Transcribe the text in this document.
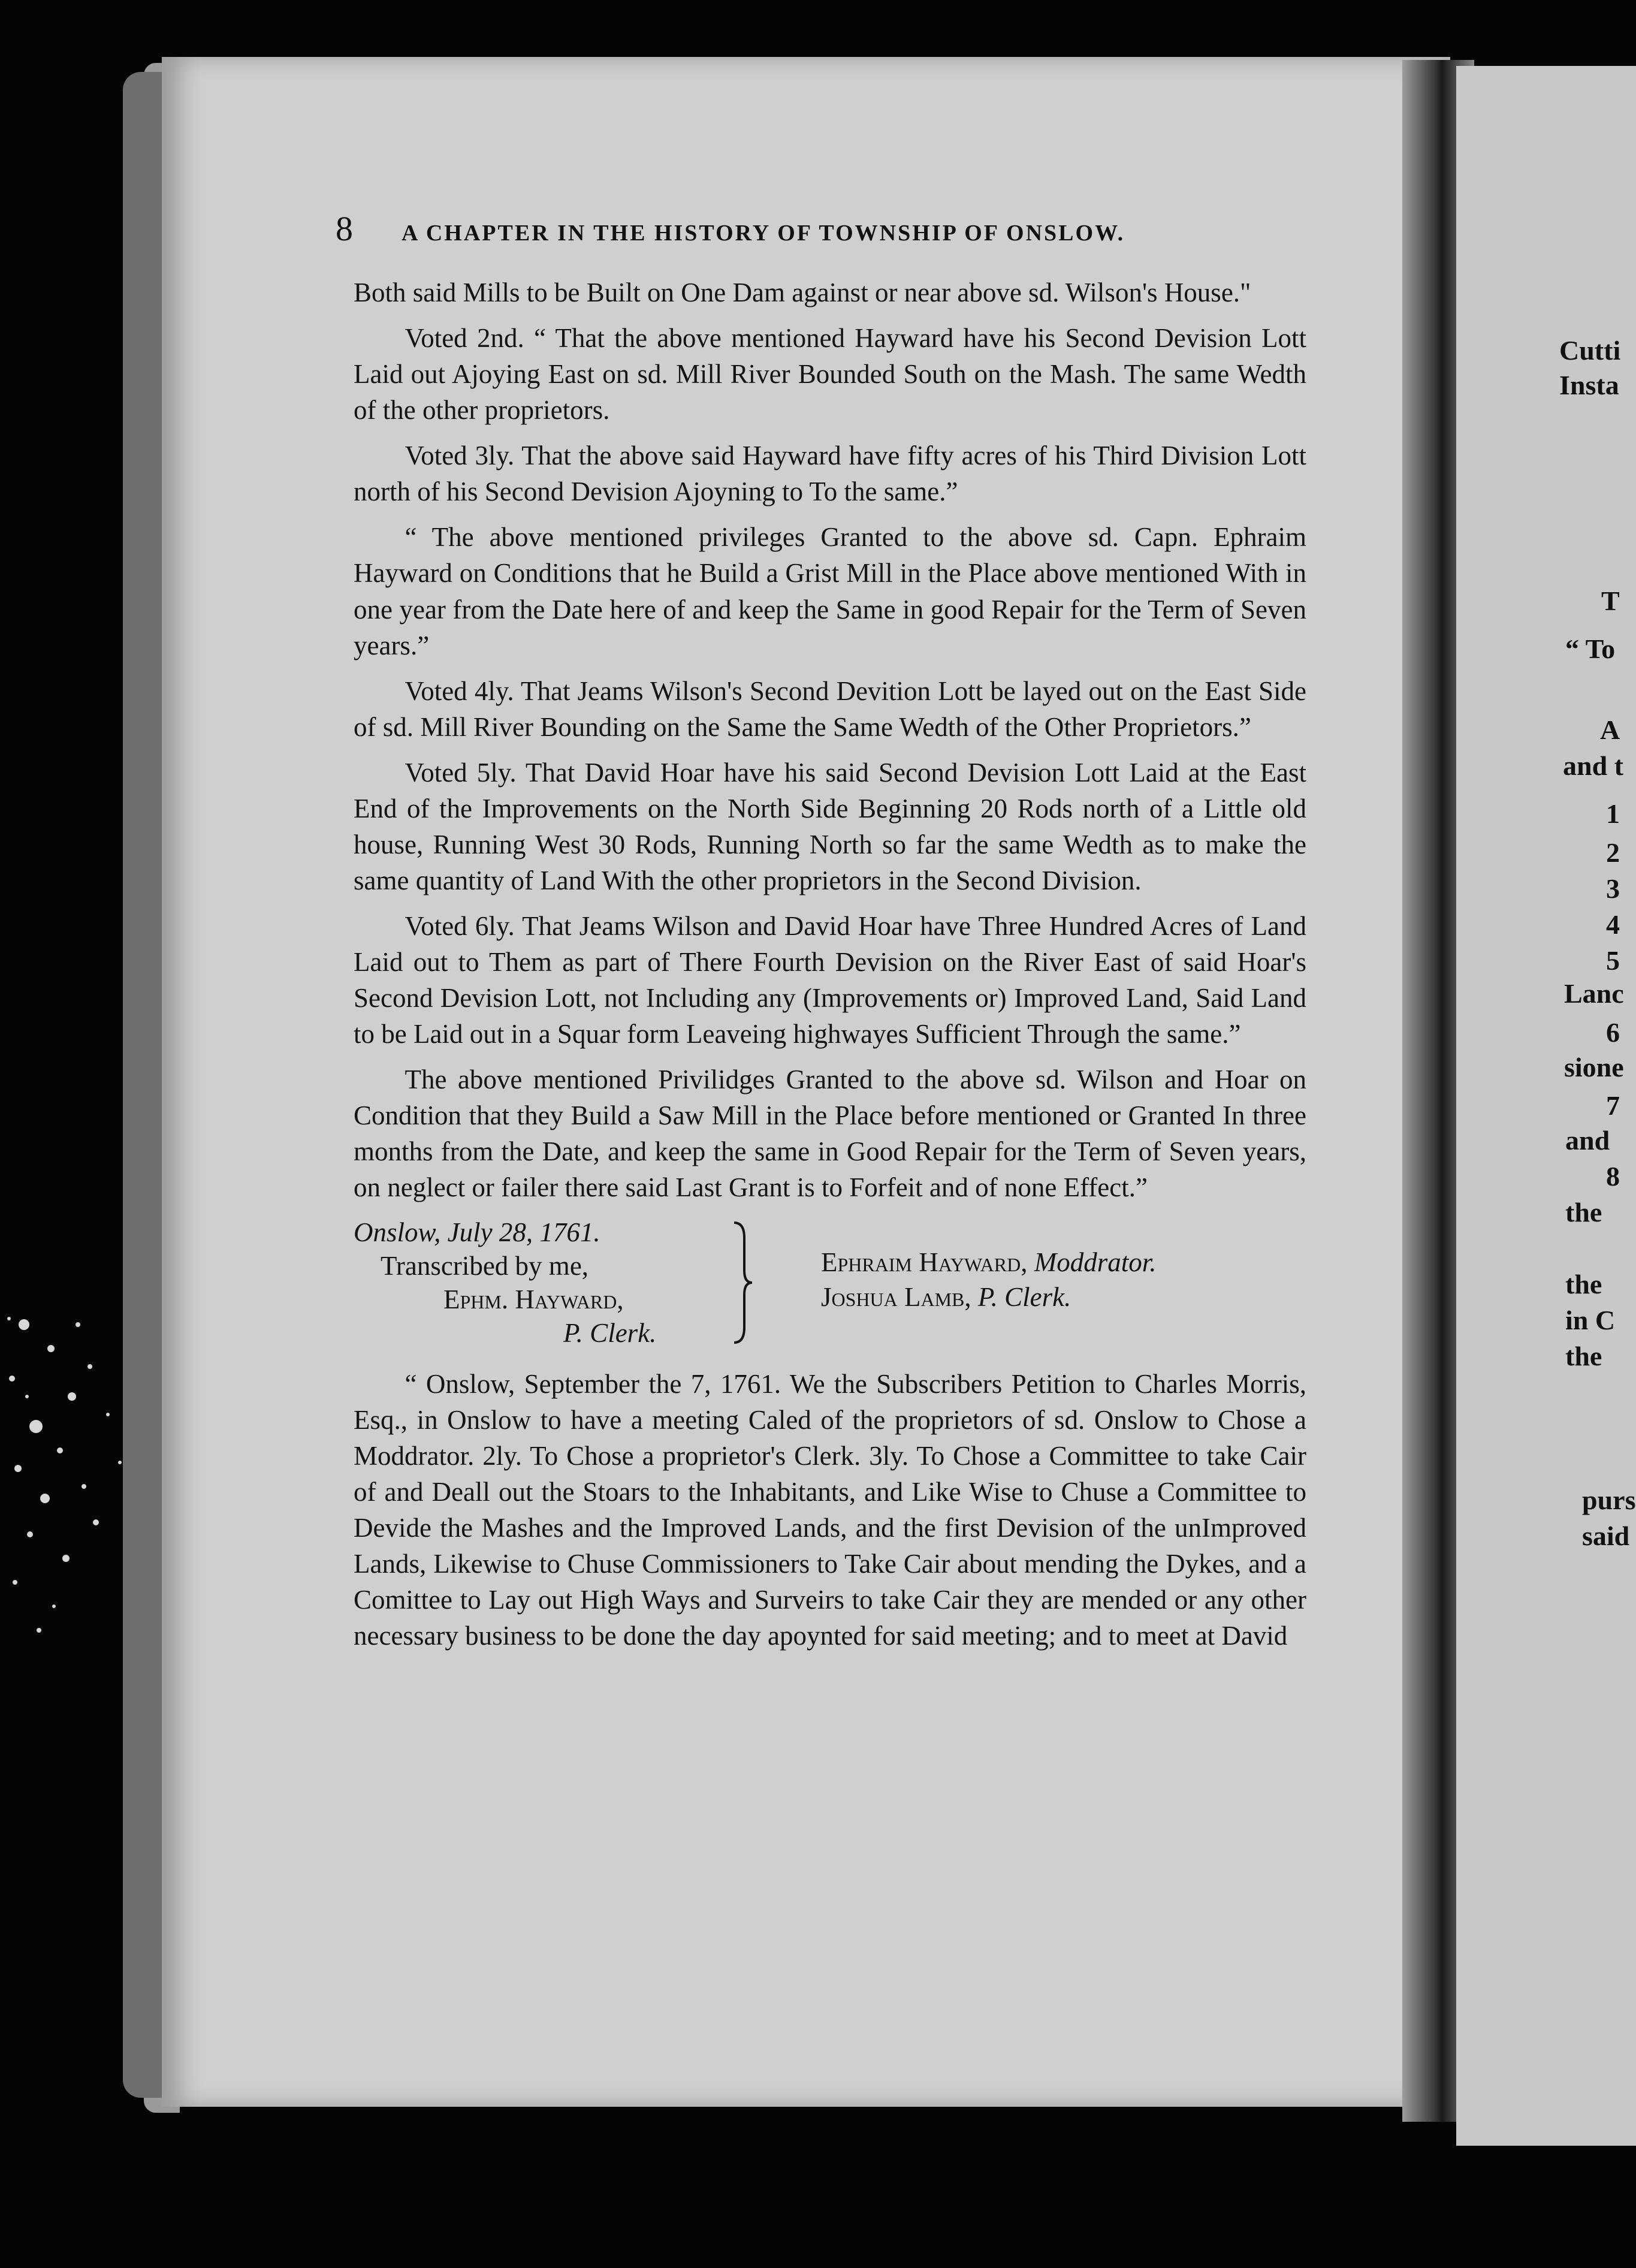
Cutti
Insta
T
“ To
A
and t
1
2
3
4
5
Lanc
6
sione
7
and
8
the
the
in C
the
purs
said
8	A CHAPTER IN THE HISTORY OF TOWNSHIP OF ONSLOW.

Both said Mills to be Built on One Dam against or near above sd. Wilson's House."

Voted 2nd. “ That the above mentioned Hayward have his Second Devision Lott Laid out Ajoying East on sd. Mill River Bounded South on the Mash. The same Wedth of the other proprietors.

Voted 3ly. That the above said Hayward have fifty acres of his Third Division Lott north of his Second Devision Ajoyning to To the same.”

“ The above mentioned privileges Granted to the above sd. Capn. Ephraim Hayward on Conditions that he Build a Grist Mill in the Place above mentioned With in one year from the Date here of and keep the Same in good Repair for the Term of Seven years.”

Voted 4ly. That Jeams Wilson's Second Devition Lott be layed out on the East Side of sd. Mill River Bounding on the Same the Same Wedth of the Other Proprietors.”

Voted 5ly. That David Hoar have his said Second Devision Lott Laid at the East End of the Improvements on the North Side Beginning 20 Rods north of a Little old house, Running West 30 Rods, Running North so far the same Wedth as to make the same quantity of Land With the other proprietors in the Second Division.

Voted 6ly. That Jeams Wilson and David Hoar have Three Hundred Acres of Land Laid out to Them as part of There Fourth Devision on the River East of said Hoar's Second Devision Lott, not Including any (Improvements or) Improved Land, Said Land to be Laid out in a Squar form Leaveing highwayes Sufficient Through the same.”

The above mentioned Privilidges Granted to the above sd. Wilson and Hoar on Condition that they Build a Saw Mill in the Place before mentioned or Granted In three months from the Date, and keep the same in Good Repair for the Term of Seven years, on neglect or failer there said Last Grant is to Forfeit and of none Effect.”

Onslow, July 28, 1761.
Transcribed by me,
Ephm. Hayward,
P. Clerk.
Ephraim Hayward, Moddrator.
Joshua Lamb, P. Clerk.

“ Onslow, September the 7, 1761. We the Subscribers Petition to Charles Morris, Esq., in Onslow to have a meeting Caled of the proprietors of sd. Onslow to Chose a Moddrator. 2ly. To Chose a proprietor's Clerk. 3ly. To Chose a Committee to take Cair of and Deall out the Stoars to the Inhabitants, and Like Wise to Chuse a Committee to Devide the Mashes and the Improved Lands, and the first Devision of the unImproved Lands, Likewise to Chuse Commissioners to Take Cair about mending the Dykes, and a Comittee to Lay out High Ways and Surveirs to take Cair they are mended or any other necessary business to be done the day apoynted for said meeting; and to meet at David
